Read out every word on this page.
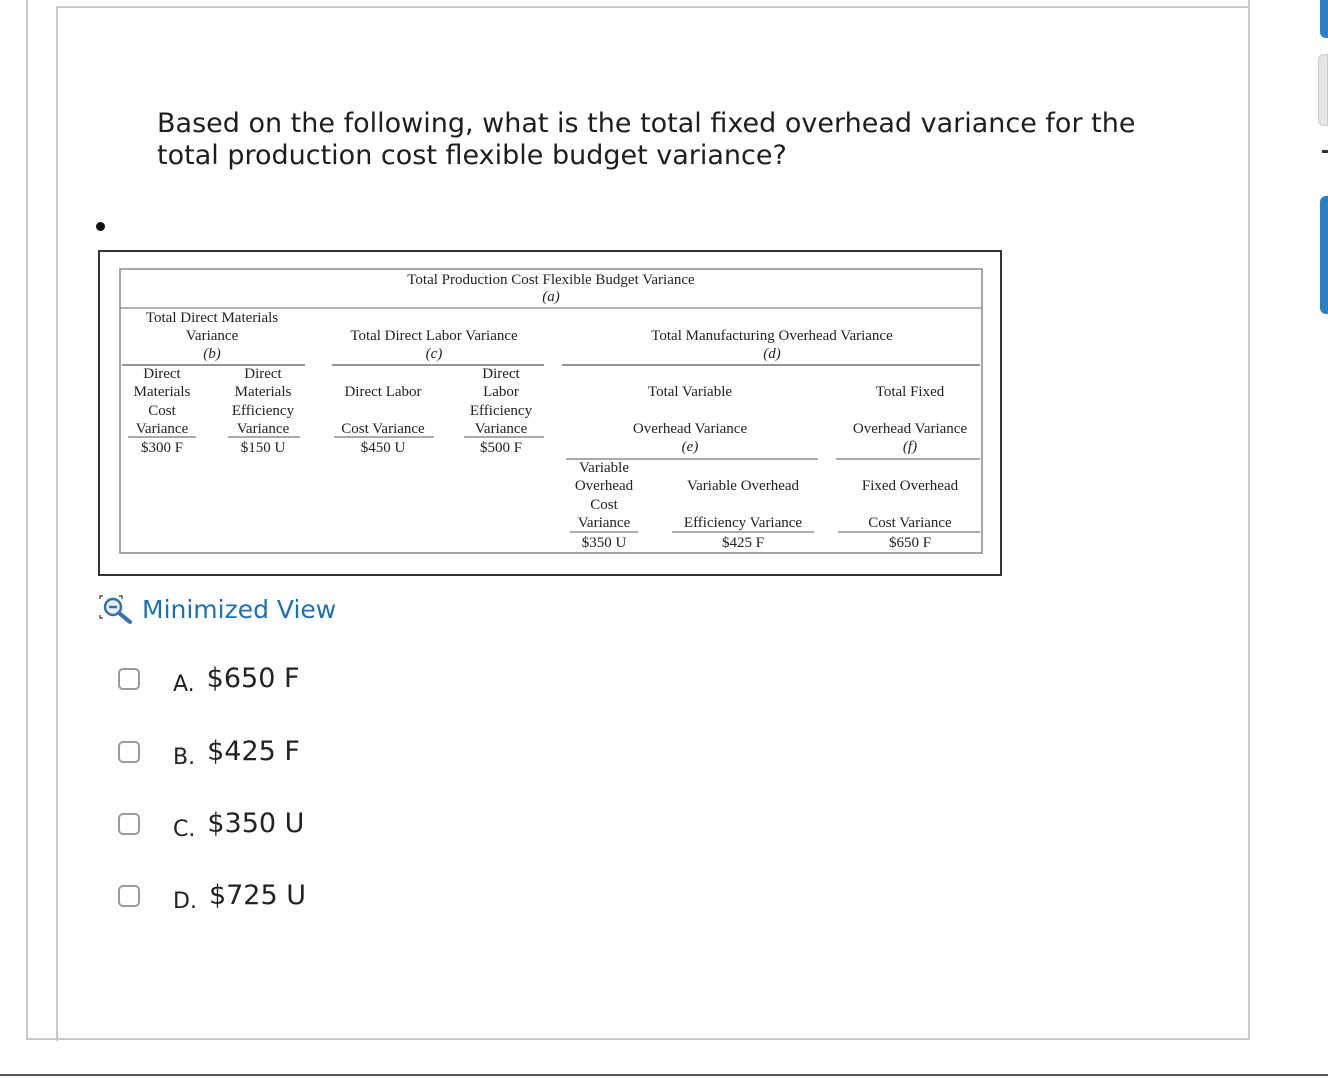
Based on the following, what is the total fixed overhead variance for the total production cost flexible budget variance?
Total Production Cost Flexible Budget Variance
(a)
Total Direct Materials
Variance
(b)
Total Direct Labor Variance
(c)
Total Manufacturing Overhead Variance
(d)
Direct
Materials
Cost
Variance
$300 F
Direct
Materials
Efficiency
Variance
$150 U
Direct Labor
Cost Variance
$450 U
Direct
Labor
Efficiency
Variance
$500 F
Total Variable
Overhead Variance
(e)
Total Fixed
Overhead Variance
(f)
Variable
Overhead
Cost
Variance
$350 U
Variable Overhead
Efficiency Variance
$425 F
Fixed Overhead
Cost Variance
$650 F
Minimized View
A. $650 F
B. $425 F
C. $350 U
D. $725 U
